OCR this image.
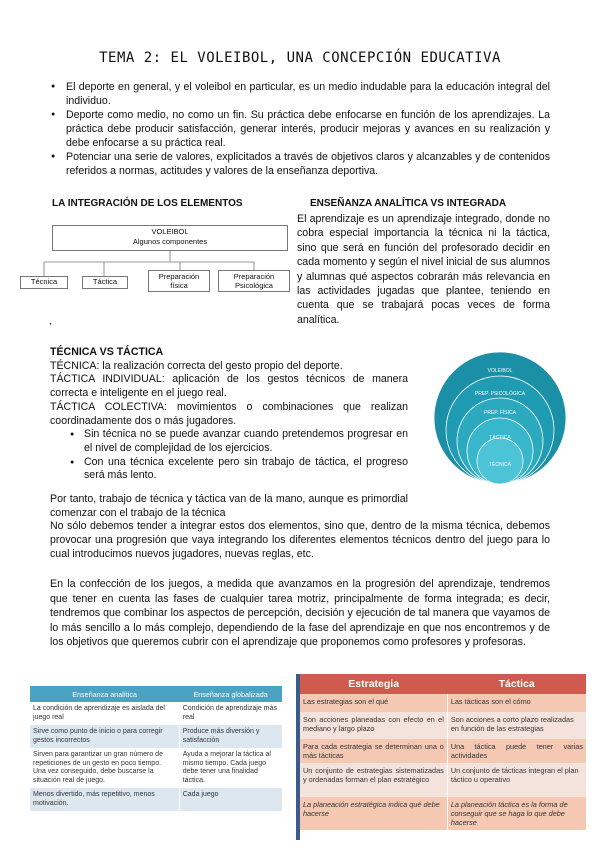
TEMA 2: EL VOLEIBOL, UNA CONCEPCIÓN EDUCATIVA
● El deporte en general, y el voleibol en particular, es un medio indudable para la educación integral del individuo.
● Deporte como medio, no como un fin. Su práctica debe enfocarse en función de los aprendizajes. La práctica debe producir satisfacción, generar interés, producir mejoras y avances en su realización y debe enfocarse a su práctica real.
● Potenciar una serie de valores, explicitados a través de objetivos claros y alcanzables y de contenidos referidos a normas, actitudes y valores de la enseñanza deportiva.
LA INTEGRACIÓN DE LOS ELEMENTOS	ENSEÑANZA ANALÍTICA VS INTEGRADA
VOLEIBOL
Algunos componentes
Técnica	Táctica
Preparación física
Preparación Psicológica
El aprendizaje es un aprendizaje integrado, donde no cobra especial importancia la técnica ni la táctica, sino que será en función del profesorado decidir en cada momento y según el nivel inicial de sus alumnos y alumnas qué aspectos cobrarán más relevancia en las actividades jugadas que plantee, teniendo en cuenta que se trabajará pocas veces de forma analítica.
,
TÉCNICA VS TÁCTICA

TÉCNICA: la realización correcta del gesto propio del deporte.

TÁCTICA INDIVIDUAL: aplicación de los gestos técnicos de manera correcta e inteligente en el juego real.

TÁCTICA COLECTIVA: movimientos o combinaciones que realizan coordinadamente dos o más jugadores.

● Sin técnica no se puede avanzar cuando pretendemos progresar en el nivel de complejidad de los ejercicios.
● Con una técnica excelente pero sin trabajo de táctica, el progreso será más lento.

Por tanto, trabajo de técnica y táctica van de la mano, aunque es primordial comenzar con el trabajo de la técnica

No sólo debemos tender a integrar estos dos elementos, sino que, dentro de la misma técnica, debemos provocar una progresión que vaya integrando los diferentes elementos técnicos dentro del juego para lo cual introducimos nuevos jugadores, nuevas reglas, etc.

VOLEIBOL
PREP. PSICOLÓGICA
PREP. FÍSICA
TÁCTICA
TÉCNICA
En la confección de los juegos, a medida que avanzamos en la progresión del aprendizaje, tendremos que tener en cuenta las fases de cualquier tarea motriz, principalmente de forma integrada; es decir, tendremos que combinar los aspectos de percepción, decisión y ejecución de tal manera que vayamos de lo más sencillo a lo más complejo, dependiendo de la fase del aprendizaje en que nos encontremos y de los objetivos que queremos cubrir con el aprendizaje que proponemos como profesores y profesoras.
Enseñanza analítica	Enseñanza globalizada
La condición de aprendizaje es aislada del juego real	Condición de aprendizaje más real
Sirve como punto de inicio o para corregir gestos incorrectos	Produce más diversión y satisfacción
Sirven para garantizar un gran número de repeticiones de un gesto en poco tiempo. Una vez conseguido, debe buscarse la situación real de juego.	Ayuda a mejorar la táctica al mismo tiempo. Cada juego debe tener una finalidad táctica.
Menos divertido, más repetitivo, menos motivación.	Cada juego
Estrategia	Táctica
Las estrategias son el qué	Las tácticas son el cómo
Son acciones planeadas con efecto en el mediano y largo plazo	Son acciones a corto plazo realizadas en función de las estrategias
Para cada estrategia se determinan una o más tácticas	Una táctica puede tener varias actividades
Un conjunto de estrategias sistematizadas y ordenadas forman el plan estratégico	Un conjunto de tácticas integran el plan táctico u operativo
La planeación estratégica indica qué debe hacerse	La planeación táctica es la forma de conseguir que se haga lo que debe hacerse
